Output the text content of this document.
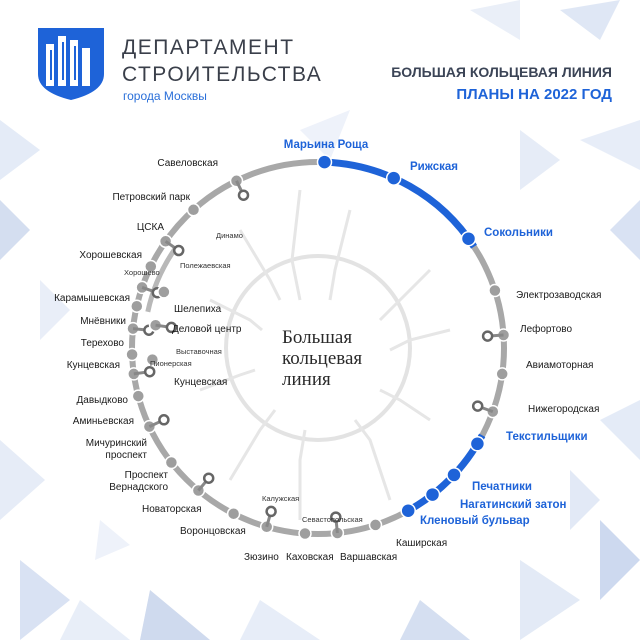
Марьина Роща
Рижская
Сокольники
Электрозаводская
Лефортово
Авиамоторная
Нижегородская
Текстильщики
Печатники
Нагатинский затон
Кленовый бульвар
Каширская
Варшавская
Каховская
Зюзино
Воронцовская
Новаторская
Проспект Вернадского
Мичуринский проспект
Аминьевская
Давыдково
Кунцевская
Терехово
Мнёвники
Карамышевская
Хорошевская
ЦСКА
Петровский парк
Савеловская
Шелепиха
Деловой центр
Кунцевская
Динамо
Хорошево
Полежаевская
Выставочная
Пионерская
Калужская
Севастопольская
Большая
кольцевая
линия
ДЕПАРТАМЕНТ
СТРОИТЕЛЬСТВА
города Москвы
БОЛЬШАЯ КОЛЬЦЕВАЯ ЛИНИЯ
ПЛАНЫ НА 2022 ГОД
